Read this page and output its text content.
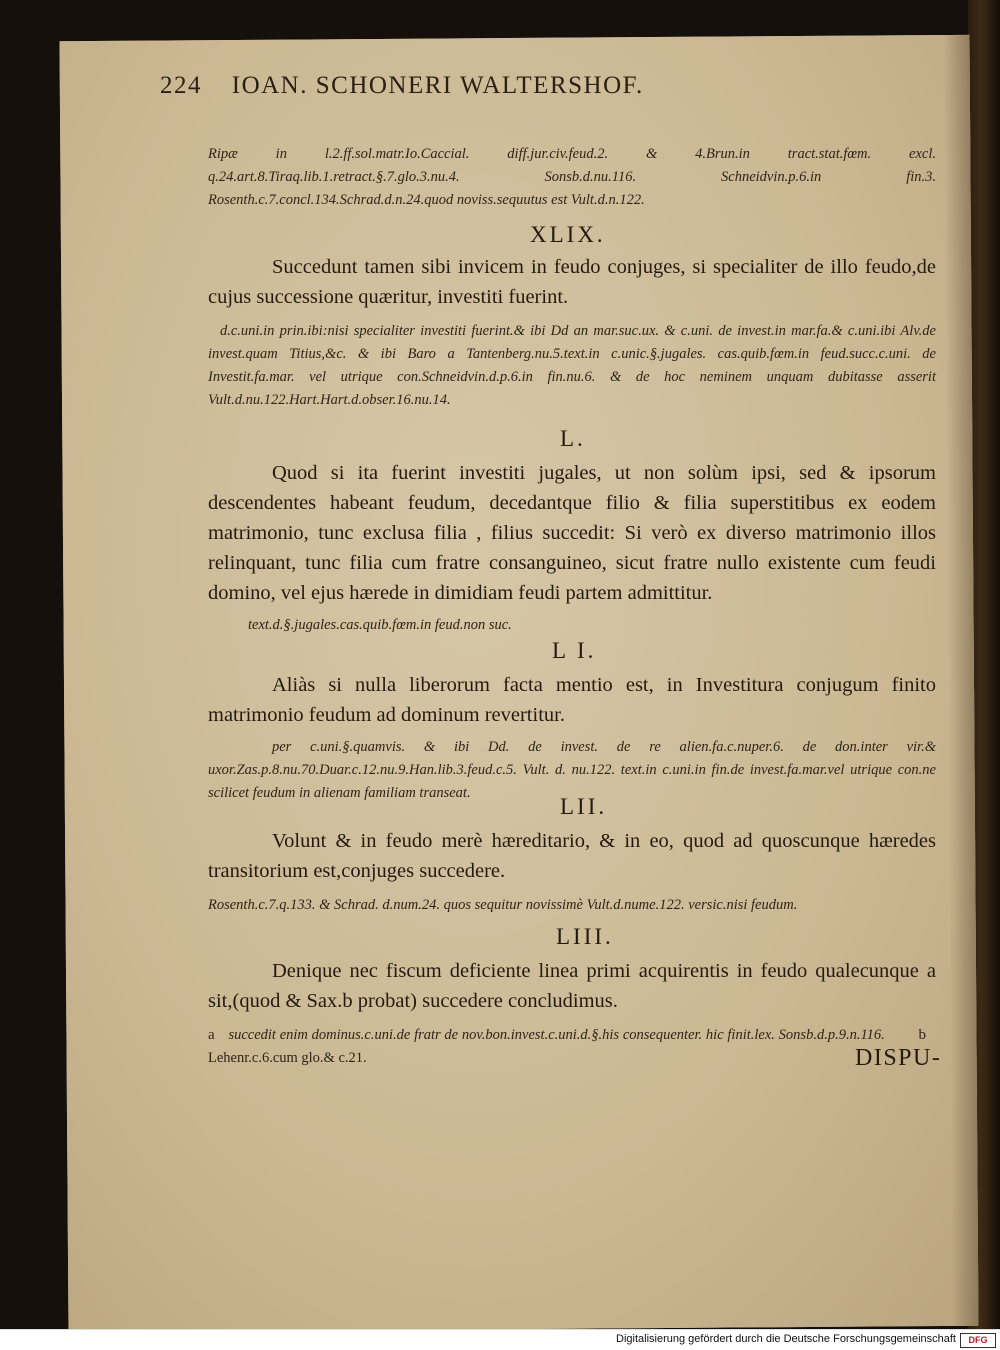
224 IOAN. SCHONERI WALTERSHOF.

Ripæ in l.2.ff.sol.matr.Io.Caccial. diff.jur.civ.feud.2. & 4.Brun.in tract.stat.fœm. excl. q.24.art.8.Tiraq.lib.1.retract.§.7.glo.3.nu.4. Sonsb.d.nu.116. Schneidvin.p.6.in fin.3. Rosenth.c.7.concl.134.Schrad.d.n.24.quod noviss.sequutus est Vult.d.n.122.

XLIX.

Succedunt tamen sibi invicem in feudo conjuges, si specialiter de illo feudo,de cujus successione quæritur, investiti fuerint.

d.c.uni.in prin.ibi:nisi specialiter investiti fuerint.& ibi Dd an mar.suc.ux. & c.uni. de invest.in mar.fa.& c.uni.ibi Alv.de invest.quam Titius,&c. & ibi Baro a Tantenberg.nu.5.text.in c.unic.§.jugales. cas.quib.fœm.in feud.succ.c.uni. de Investit.fa.mar. vel utrique con.Schneidvin.d.p.6.in fin.nu.6. & de hoc neminem unquam dubitasse asserit Vult.d.nu.122.Hart.Hart.d.obser.16.nu.14.

L.

Quod si ita fuerint investiti jugales, ut non solùm ipsi, sed & ipsorum descendentes habeant feudum, decedantque filio & filia superstitibus ex eodem matrimonio, tunc exclusa filia , filius succedit: Si verò ex diverso matrimonio illos relinquant, tunc filia cum fratre consanguineo, sicut fratre nullo existente cum feudi domino, vel ejus hærede in dimidiam feudi partem admittitur.

text.d.§.jugales.cas.quib.fœm.in feud.non suc.

L I.

Aliàs si nulla liberorum facta mentio est, in Investitura conjugum finito matrimonio feudum ad dominum revertitur.

per c.uni.§.quamvis. & ibi Dd. de invest. de re alien.fa.c.nuper.6. de don.inter vir.& uxor.Zas.p.8.nu.70.Duar.c.12.nu.9.Han.lib.3.feud.c.5. Vult. d. nu.122. text.in c.uni.in fin.de invest.fa.mar.vel utrique con.ne scilicet feudum in alienam familiam transeat.

LII.

Volunt & in feudo merè hæreditario, & in eo, quod ad quoscunque hæredes transitorium est,conjuges succedere.

Rosenth.c.7.q.133. & Schrad. d.num.24. quos sequitur novissimè Vult.d.nume.122. versic.nisi feudum.

LIII.

Denique nec fiscum deficiente linea primi acquirentis in feudo qualecunque a sit,(quod & Sax.b probat) succedere concludimus.

a succedit enim dominus.c.uni.de fratr de nov.bon.invest.c.uni.d.§.his consequenter. hic finit.lex. Sonsb.d.p.9.n.116. b Lehenr.c.6.cum glo.& c.21.	DISPU-
Digitalisierung gefördert durch die Deutsche Forschungsgemeinschaft	DFG
